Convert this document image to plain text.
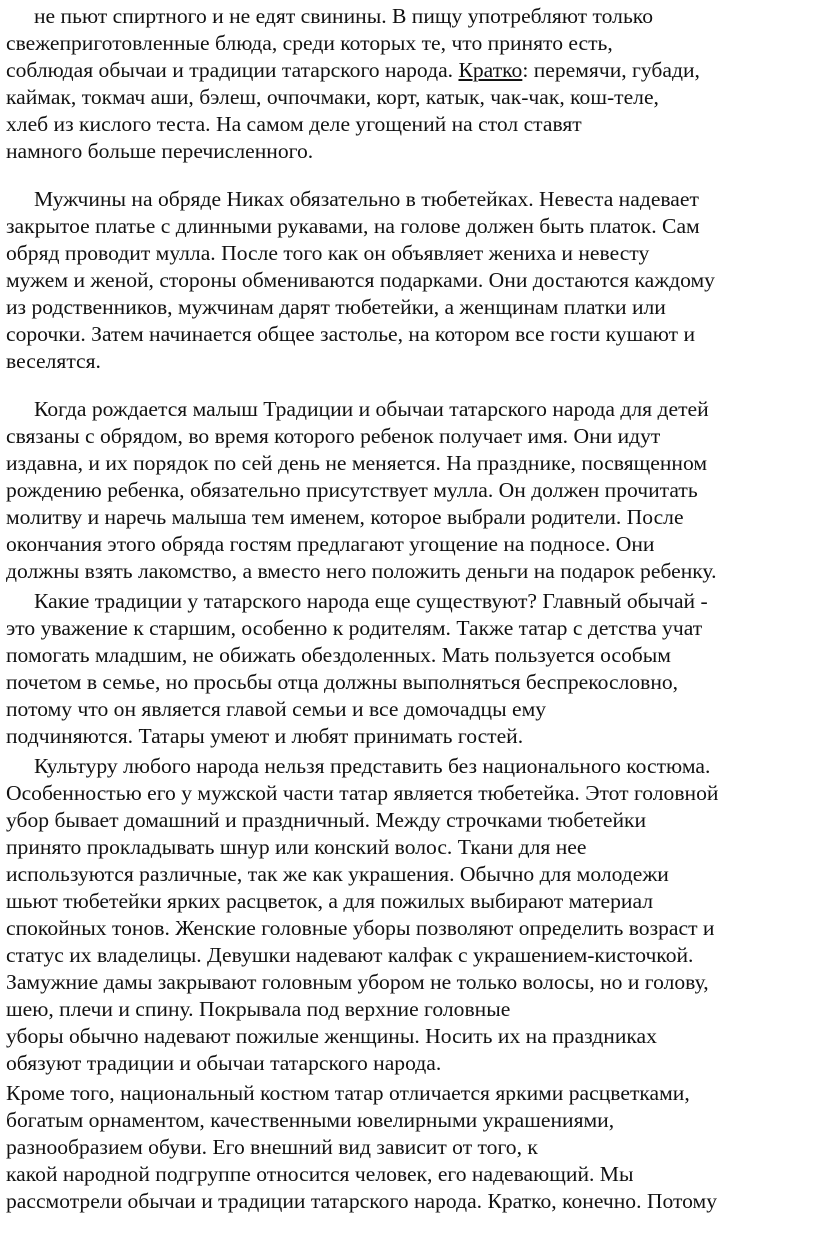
не пьют спиртного и не едят свинины. В пищу употребляют только
свежеприготовленные блюда, среди которых те, что принято есть,
соблюдая обычаи и традиции татарского народа. Кратко: перемячи, губади,
каймак, токмач аши, бэлеш, очпочмаки, корт, катык, чак-чак, кош-теле,
хлеб из кислого теста. На самом деле угощений на стол ставят
намного больше перечисленного.
Мужчины на обряде Никах обязательно в тюбетейках. Невеста надевает
закрытое платье с длинными рукавами, на голове должен быть платок. Сам
обряд проводит мулла. После того как он объявляет жениха и невесту
мужем и женой, стороны обмениваются подарками. Они достаются каждому
из родственников, мужчинам дарят тюбетейки, а женщинам платки или
сорочки. Затем начинается общее застолье, на котором все гости кушают и
веселятся.
Когда рождается малыш Традиции и обычаи татарского народа для детей
связаны с обрядом, во время которого ребенок получает имя. Они идут
издавна, и их порядок по сей день не меняется. На празднике, посвященном
рождению ребенка, обязательно присутствует мулла. Он должен прочитать
молитву и наречь малыша тем именем, которое выбрали родители. После
окончания этого обряда гостям предлагают угощение на подносе. Они
должны взять лакомство, а вместо него положить деньги на подарок ребенку.
Какие традиции у татарского народа еще существуют? Главный обычай -
это уважение к старшим, особенно к родителям. Также татар с детства учат
помогать младшим, не обижать обездоленных. Мать пользуется особым
почетом в семье, но просьбы отца должны выполняться беспрекословно,
потому что он является главой семьи и все домочадцы ему
подчиняются. Татары умеют и любят принимать гостей.
Культуру любого народа нельзя представить без национального костюма.
Особенностью его у мужской части татар является тюбетейка. Этот головной
убор бывает домашний и праздничный. Между строчками тюбетейки
принято прокладывать шнур или конский волос. Ткани для нее
используются различные, так же как украшения. Обычно для молодежи
шьют тюбетейки ярких расцветок, а для пожилых выбирают материал
спокойных тонов. Женские головные уборы позволяют определить возраст и
статус их владелицы. Девушки надевают калфак с украшением-кисточкой.
Замужние дамы закрывают головным убором не только волосы, но и голову,
шею, плечи и спину. Покрывала под верхние головные
уборы обычно надевают пожилые женщины. Носить их на праздниках
обязуют традиции и обычаи татарского народа.
Кроме того, национальный костюм татар отличается яркими расцветками,
богатым орнаментом, качественными ювелирными украшениями,
разнообразием обуви. Его внешний вид зависит от того, к
какой народной подгруппе относится человек, его надевающий. Мы
рассмотрели обычаи и традиции татарского народа. Кратко, конечно. Потому
